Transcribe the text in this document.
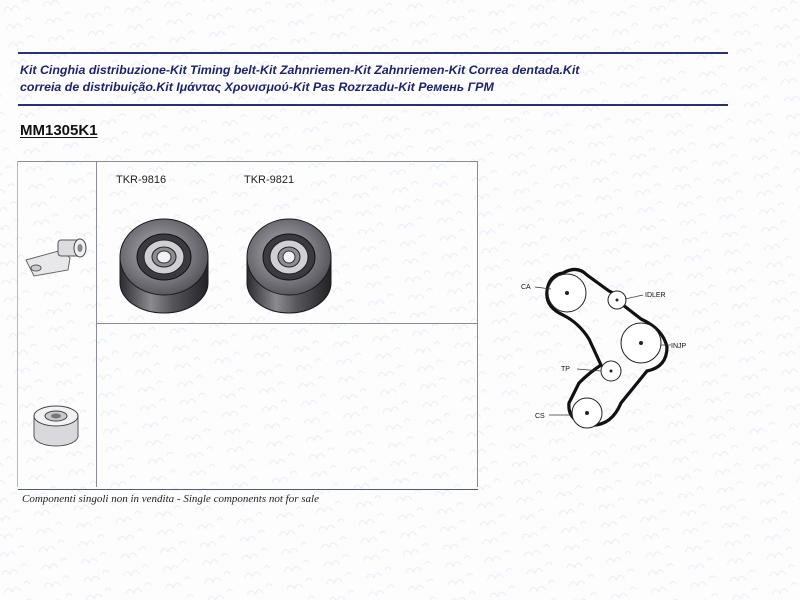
Kit Cinghia distribuzione-Kit Timing belt-Kit Zahnriemen-Kit Zahnriemen-Kit Correa dentada.Kit
correia de distribuição.Kit Ιμάντας Χρονισμού-Kit Pas Rozrzadu-Kit Ремень ГРМ
MM1305K1
TKR-9816	TKR-9821
CA
IDLER
INJP
TP
CS
Componenti singoli non in vendita - Single components not for sale
